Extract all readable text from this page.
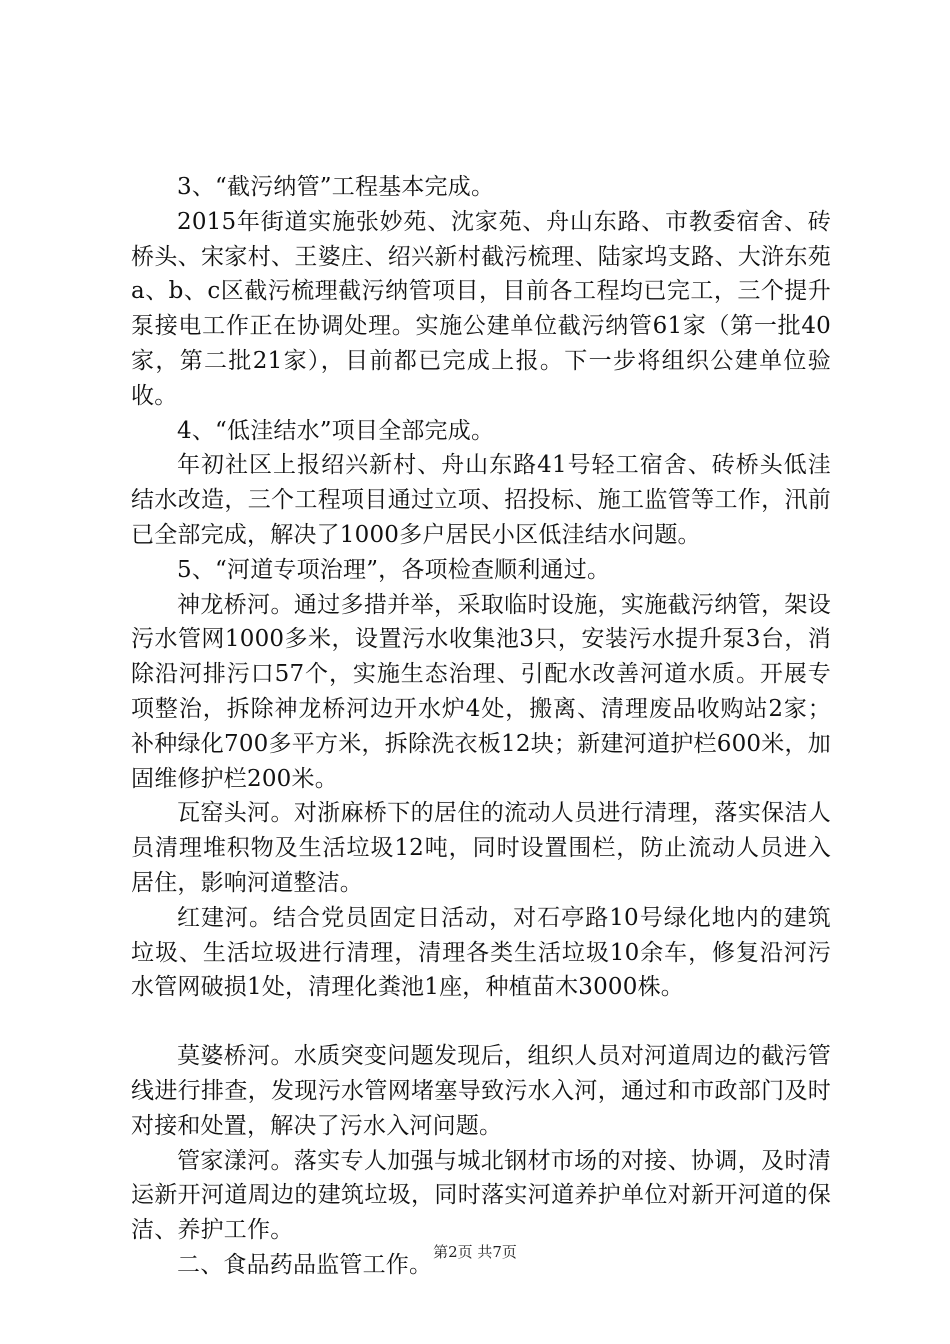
3、“截污纳管”工程基本完成。

2015年街道实施张妙苑、沈家苑、舟山东路、市教委宿舍、砖桥头、宋家村、王婆庄、绍兴新村截污梳理、陆家坞支路、大浒东苑a、b、c区截污梳理截污纳管项目，目前各工程均已完工，三个提升泵接电工作正在协调处理。实施公建单位截污纳管61家（第一批40家，第二批21家），目前都已完成上报。下一步将组织公建单位验收。

4、“低洼结水”项目全部完成。

年初社区上报绍兴新村、舟山东路41号轻工宿舍、砖桥头低洼结水改造，三个工程项目通过立项、招投标、施工监管等工作，汛前已全部完成，解决了1000多户居民小区低洼结水问题。

5、“河道专项治理”，各项检查顺利通过。

神龙桥河。通过多措并举，采取临时设施，实施截污纳管，架设污水管网1000多米，设置污水收集池3只，安装污水提升泵3台，消除沿河排污口57个，实施生态治理、引配水改善河道水质。开展专项整治，拆除神龙桥河边开水炉4处，搬离、清理废品收购站2家；补种绿化700多平方米，拆除洗衣板12块；新建河道护栏600米，加固维修护栏200米。

瓦窑头河。对浙麻桥下的居住的流动人员进行清理，落实保洁人员清理堆积物及生活垃圾12吨，同时设置围栏，防止流动人员进入居住，影响河道整洁。

红建河。结合党员固定日活动，对石亭路10号绿化地内的建筑垃圾、生活垃圾进行清理，清理各类生活垃圾10余车，修复沿河污水管网破损1处，清理化粪池1座，种植苗木3000株。

莫婆桥河。水质突变问题发现后，组织人员对河道周边的截污管线进行排查，发现污水管网堵塞导致污水入河，通过和市政部门及时对接和处置，解决了污水入河问题。

管家漾河。落实专人加强与城北钢材市场的对接、协调，及时清运新开河道周边的建筑垃圾，同时落实河道养护单位对新开河道的保洁、养护工作。

二、食品药品监管工作。 第2页 共7页
